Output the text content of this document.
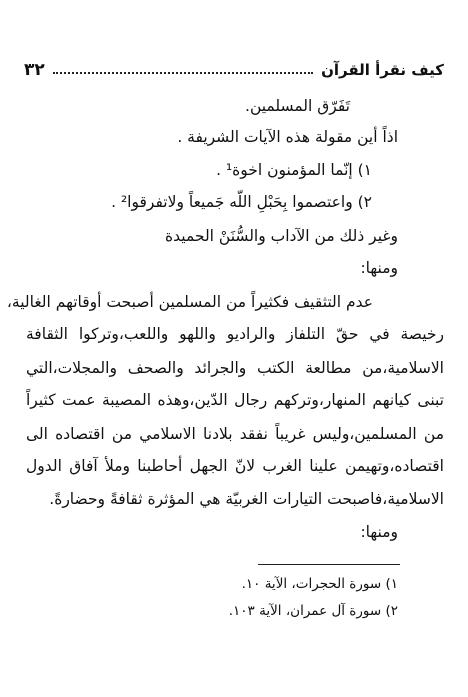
٣٢	كيف نقرأ القرآن
تَفَرّق المسلمين.
اذاً أين مقولة هذه الآيات الشريفة .
١) إنّما المؤمنون اخوة¹ .
٢) واعتصموا بِحَبْلِ اللّه جَميعاً ولاتفرقوا² .
وغير ذلك من الآداب والسُّنَنْ الحميدة
ومنها:
عدم التثقيف فكثيراً من المسلمين أصبحت أوقاتهم الغالية،
رخيصة في حقّ التلفاز والراديو واللهو واللعب،وتركوا الثقافة
الاسلامية،من مطالعة الكتب والجرائد والصحف والمجلات،التي
تبنى كيانهم المنهار،وتركهم رجال الدّين،وهذه المصيبة عمت كثيراً
من المسلمين،وليس غريباً نفقد بلادنا الاسلامي من اقتصاده الى
اقتصاده،وتهيمن علينا الغرب لانّ الجهل أحاطبنا وملأ آفاق الدول
الاسلامية،فاصبحت التيارات الغربيّة هي المؤثرة ثقافةً وحضارةً.
ومنها:
١) سورة الحجرات، الآية ١٠.
٢) سورة آل عمران، الآية ١٠٣.
